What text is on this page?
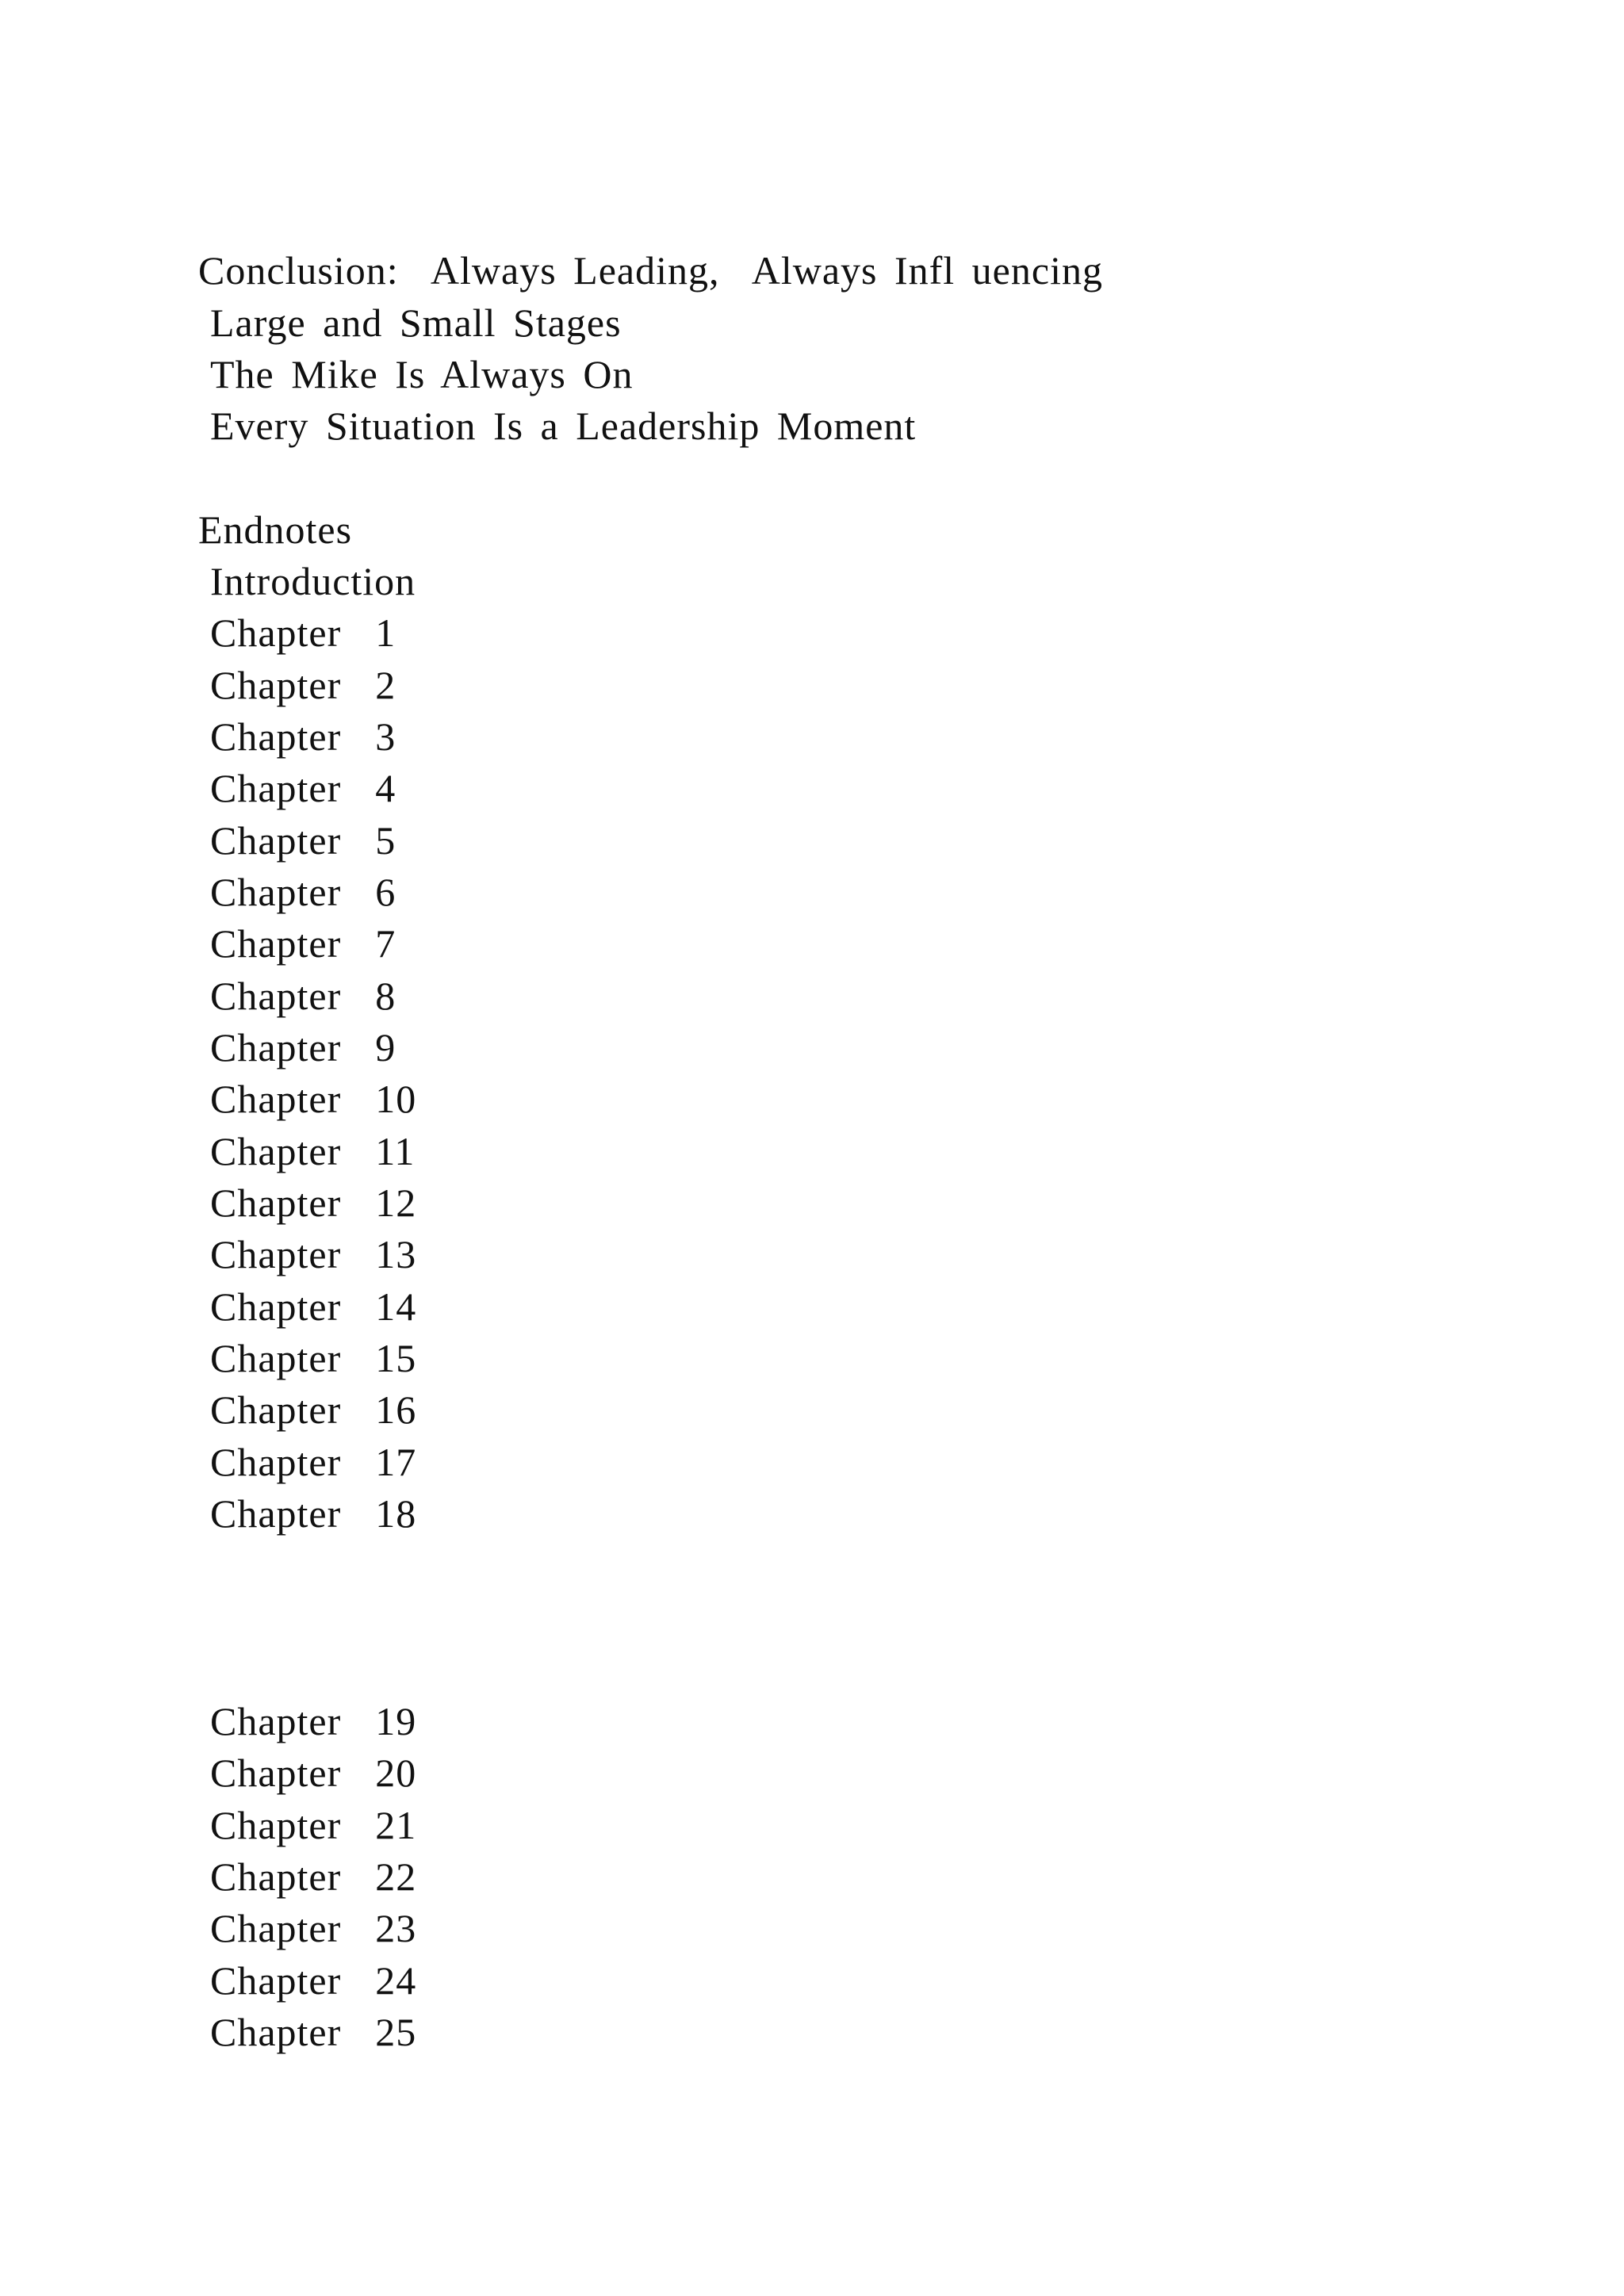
Conclusion:  Always Leading,  Always Infl uencing
Large and Small Stages
The Mike Is Always On
Every Situation Is a Leadership Moment
Endnotes
Introduction
Chapter  1
Chapter  2
Chapter  3
Chapter  4
Chapter  5
Chapter  6
Chapter  7
Chapter  8
Chapter  9
Chapter  10
Chapter  11
Chapter  12
Chapter  13
Chapter  14
Chapter  15
Chapter  16
Chapter  17
Chapter  18
Chapter  19
Chapter  20
Chapter  21
Chapter  22
Chapter  23
Chapter  24
Chapter  25
